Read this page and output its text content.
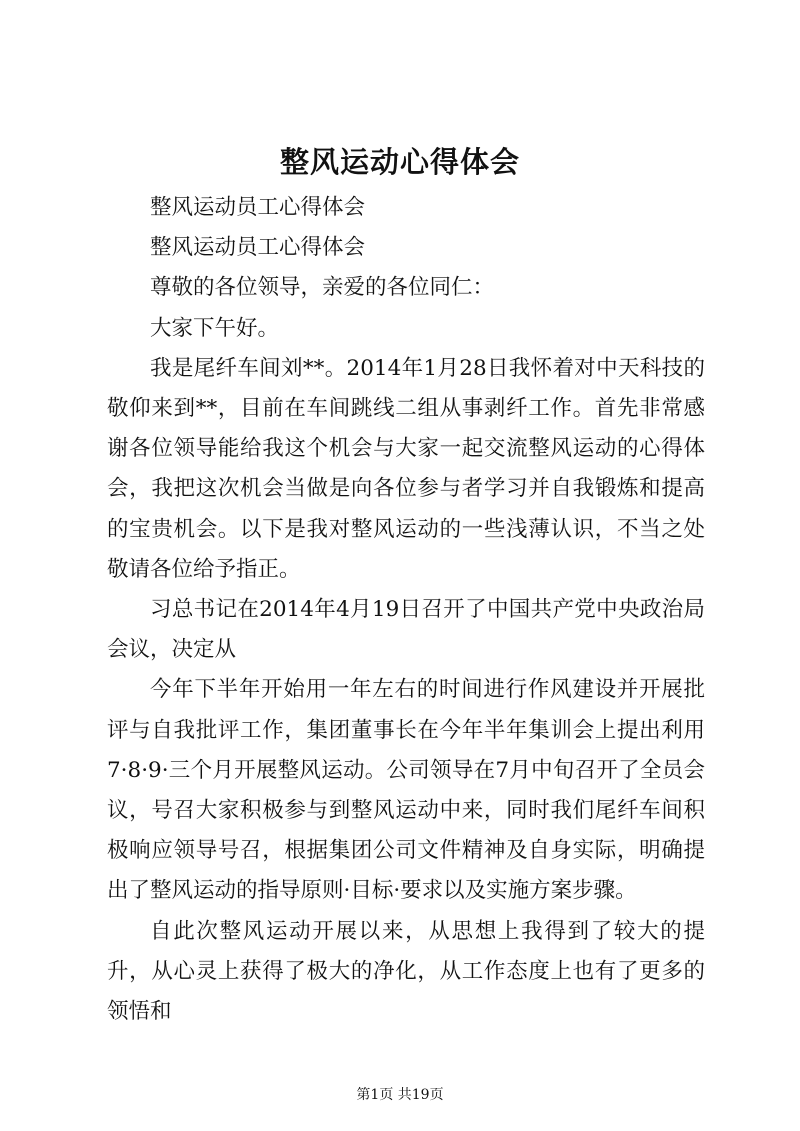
整风运动心得体会

整风运动员工心得体会

整风运动员工心得体会

尊敬的各位领导，亲爱的各位同仁：

大家下午好。

我是尾纤车间刘**。2014年1月28日我怀着对中天科技的敬仰来到**，目前在车间跳线二组从事剥纤工作。首先非常感谢各位领导能给我这个机会与大家一起交流整风运动的心得体会，我把这次机会当做是向各位参与者学习并自我锻炼和提高的宝贵机会。以下是我对整风运动的一些浅薄认识，不当之处敬请各位给予指正。

习总书记在2014年4月19日召开了中国共产党中央政治局会议，决定从

今年下半年开始用一年左右的时间进行作风建设并开展批评与自我批评工作，集团董事长在今年半年集训会上提出利用7·8·9·三个月开展整风运动。公司领导在7月中旬召开了全员会议，号召大家积极参与到整风运动中来，同时我们尾纤车间积极响应领导号召，根据集团公司文件精神及自身实际，明确提出了整风运动的指导原则·目标·要求以及实施方案步骤。

自此次整风运动开展以来，从思想上我得到了较大的提升，从心灵上获得了极大的净化，从工作态度上也有了更多的领悟和

第1页 共19页
